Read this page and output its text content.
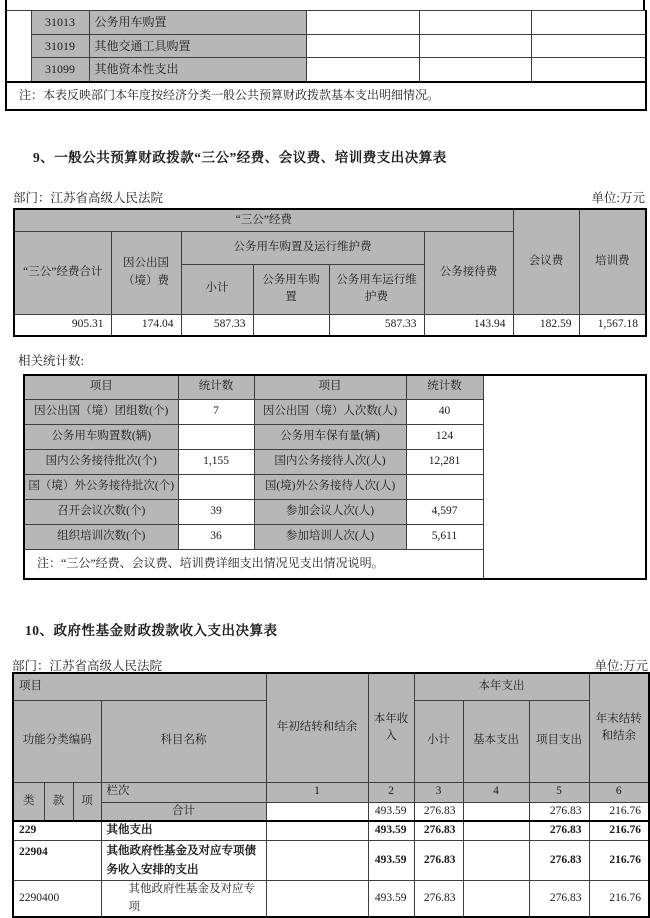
	31013	公务用车购置			
	31019	其他交通工具购置			
	31099	其他资本性支出			
注：本表反映部门本年度按经济分类一般公共预算财政拨款基本支出明细情况。					
9、一般公共预算财政拨款“三公”经费、会议费、培训费支出决算表
部门：江苏省高级人民法院	单位:万元
“三公”经费						会议费	培训费
“三公”经费合计	因公出国（境）费	公务用车购置及运行维护费			公务接待费		
		小计	公务用车购置	公务用车运行维护费			
905.31	174.04	587.33		587.33	143.94	182.59	1,567.18
相关统计数:
项目	统计数	项目	统计数	
因公出国（境）团组数(个)	7	因公出国（境）人次数(人)	40	
公务用车购置数(辆)		公务用车保有量(辆)	124	
国内公务接待批次(个)	1,155	国内公务接待人次(人)	12,281	
国（境）外公务接待批次(个)		国(境)外公务接待人次(人)		
召开会议次数(个)	39	参加会议人次(人)	4,597	
组织培训次数(个)	36	参加培训人次(人)	5,611	
注：“三公”经费、会议费、培训费详细支出情况见支出情况说明。				
10、政府性基金财政拨款收入支出决算表
部门：江苏省高级人民法院	单位:万元
项目				年初结转和结余	本年收入	本年支出			年末结转和结余
功能分类编码			科目名称			小计	基本支出	项目支出	
类	款	项	栏次	1	2	3	4	5	6
			合计		493.59	276.83		276.83	216.76
229			其他支出		493.59	276.83		276.83	216.76
22904			其他政府性基金及对应专项债务收入安排的支出		493.59	276.83		276.83	216.76
2290400			其他政府性基金及对应专项		493.59	276.83		276.83	216.76
